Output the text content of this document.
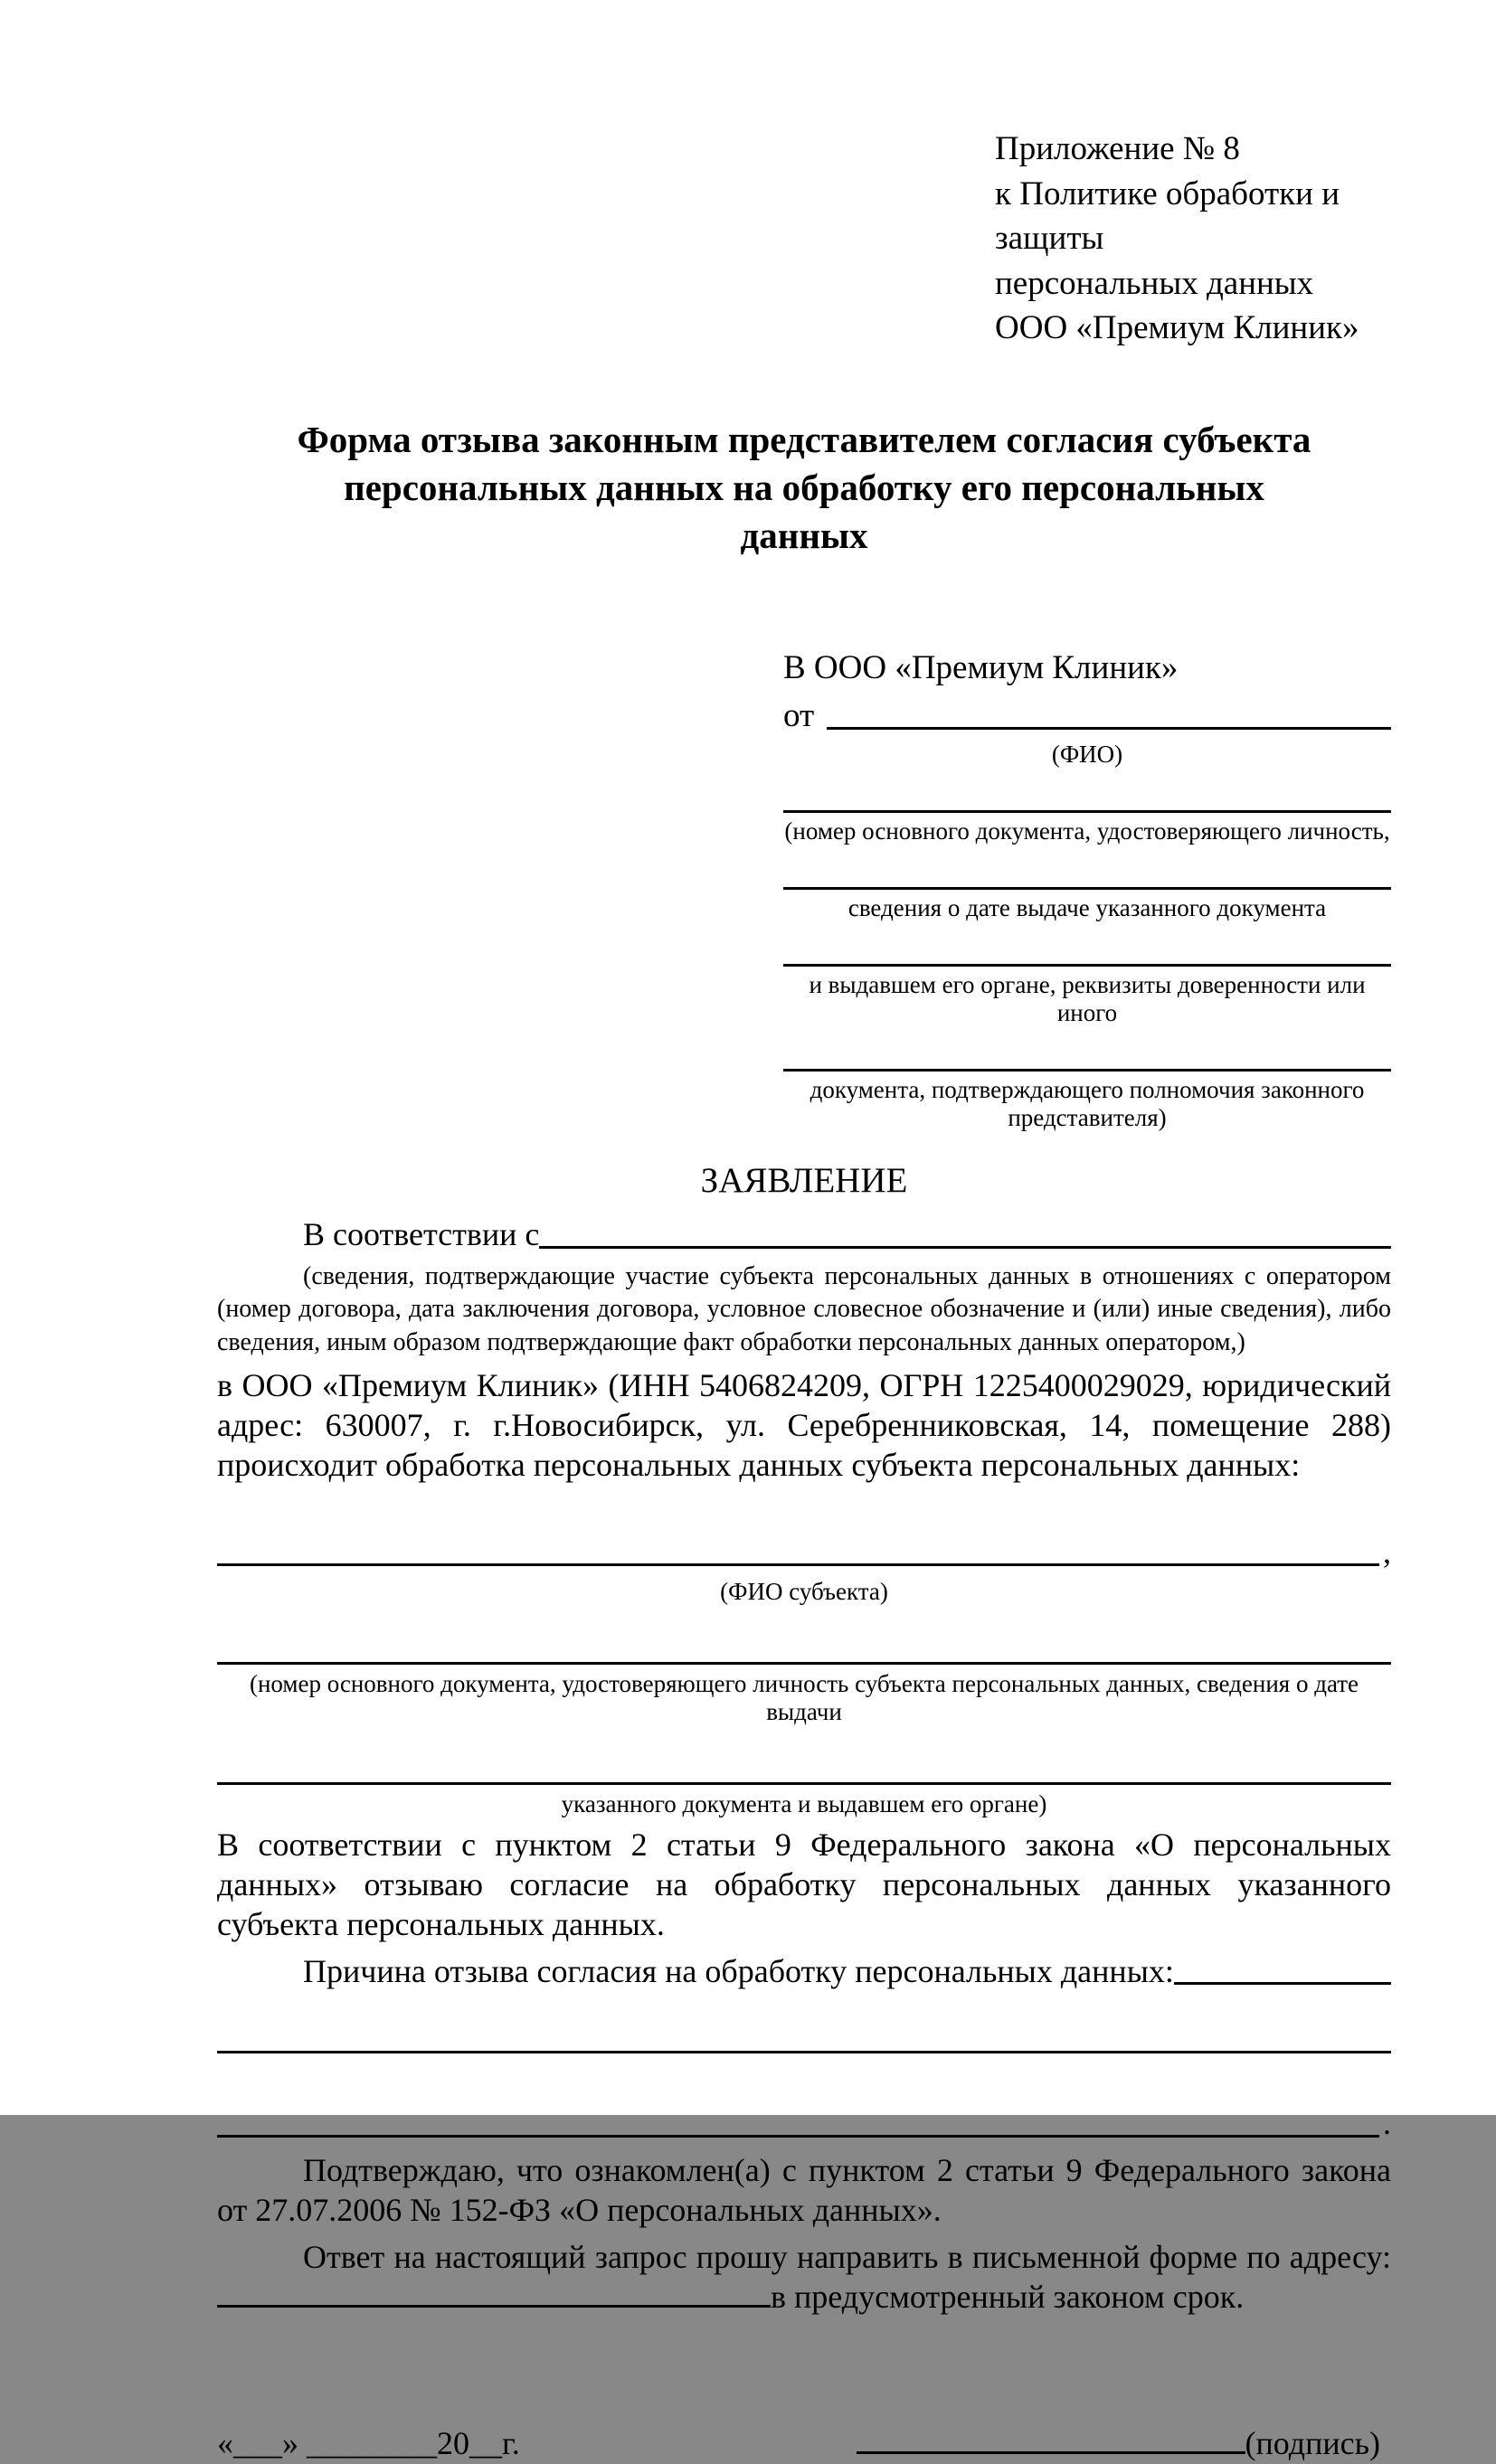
Приложение № 8
к Политике обработки и защиты
персональных данных
ООО «Премиум Клиник»
Форма отзыва законным представителем согласия субъекта персональных данных на обработку его персональных данных
В ООО «Премиум Клиник»
от
(ФИО)
(номер основного документа, удостоверяющего личность,
сведения о дате выдаче указанного документа
и выдавшем его органе, реквизиты доверенности или иного
документа, подтверждающего полномочия законного представителя)
ЗАЯВЛЕНИЕ
В соответствии с

(сведения, подтверждающие участие субъекта персональных данных в отношениях с оператором (номер договора, дата заключения договора, условное словесное обозначение и (или) иные сведения), либо сведения, иным образом подтверждающие факт обработки персональных данных оператором,)

в ООО «Премиум Клиник» (ИНН 5406824209, ОГРН 1225400029029, юридический адрес: 630007, г. г.Новосибирск, ул. Серебренниковская, 14, помещение 288) происходит обработка персональных данных субъекта персональных данных:

,
(ФИО субъекта)
(номер основного документа, удостоверяющего личность субъекта персональных данных, сведения о дате выдачи
указанного документа и выдавшем его органе)

В соответствии с пунктом 2 статьи 9 Федерального закона «О персональных данных» отзываю согласие на обработку персональных данных указанного субъекта персональных данных.

Причина отзыва согласия на обработку персональных данных:
.

Подтверждаю, что ознакомлен(а) с пунктом 2 статьи 9 Федерального закона от 27.07.2006 № 152-ФЗ «О персональных данных».

Ответ на настоящий запрос прошу направить в письменной форме по адресу: в предусмотренный законом срок.

«___» ________20__г.	(подпись)
